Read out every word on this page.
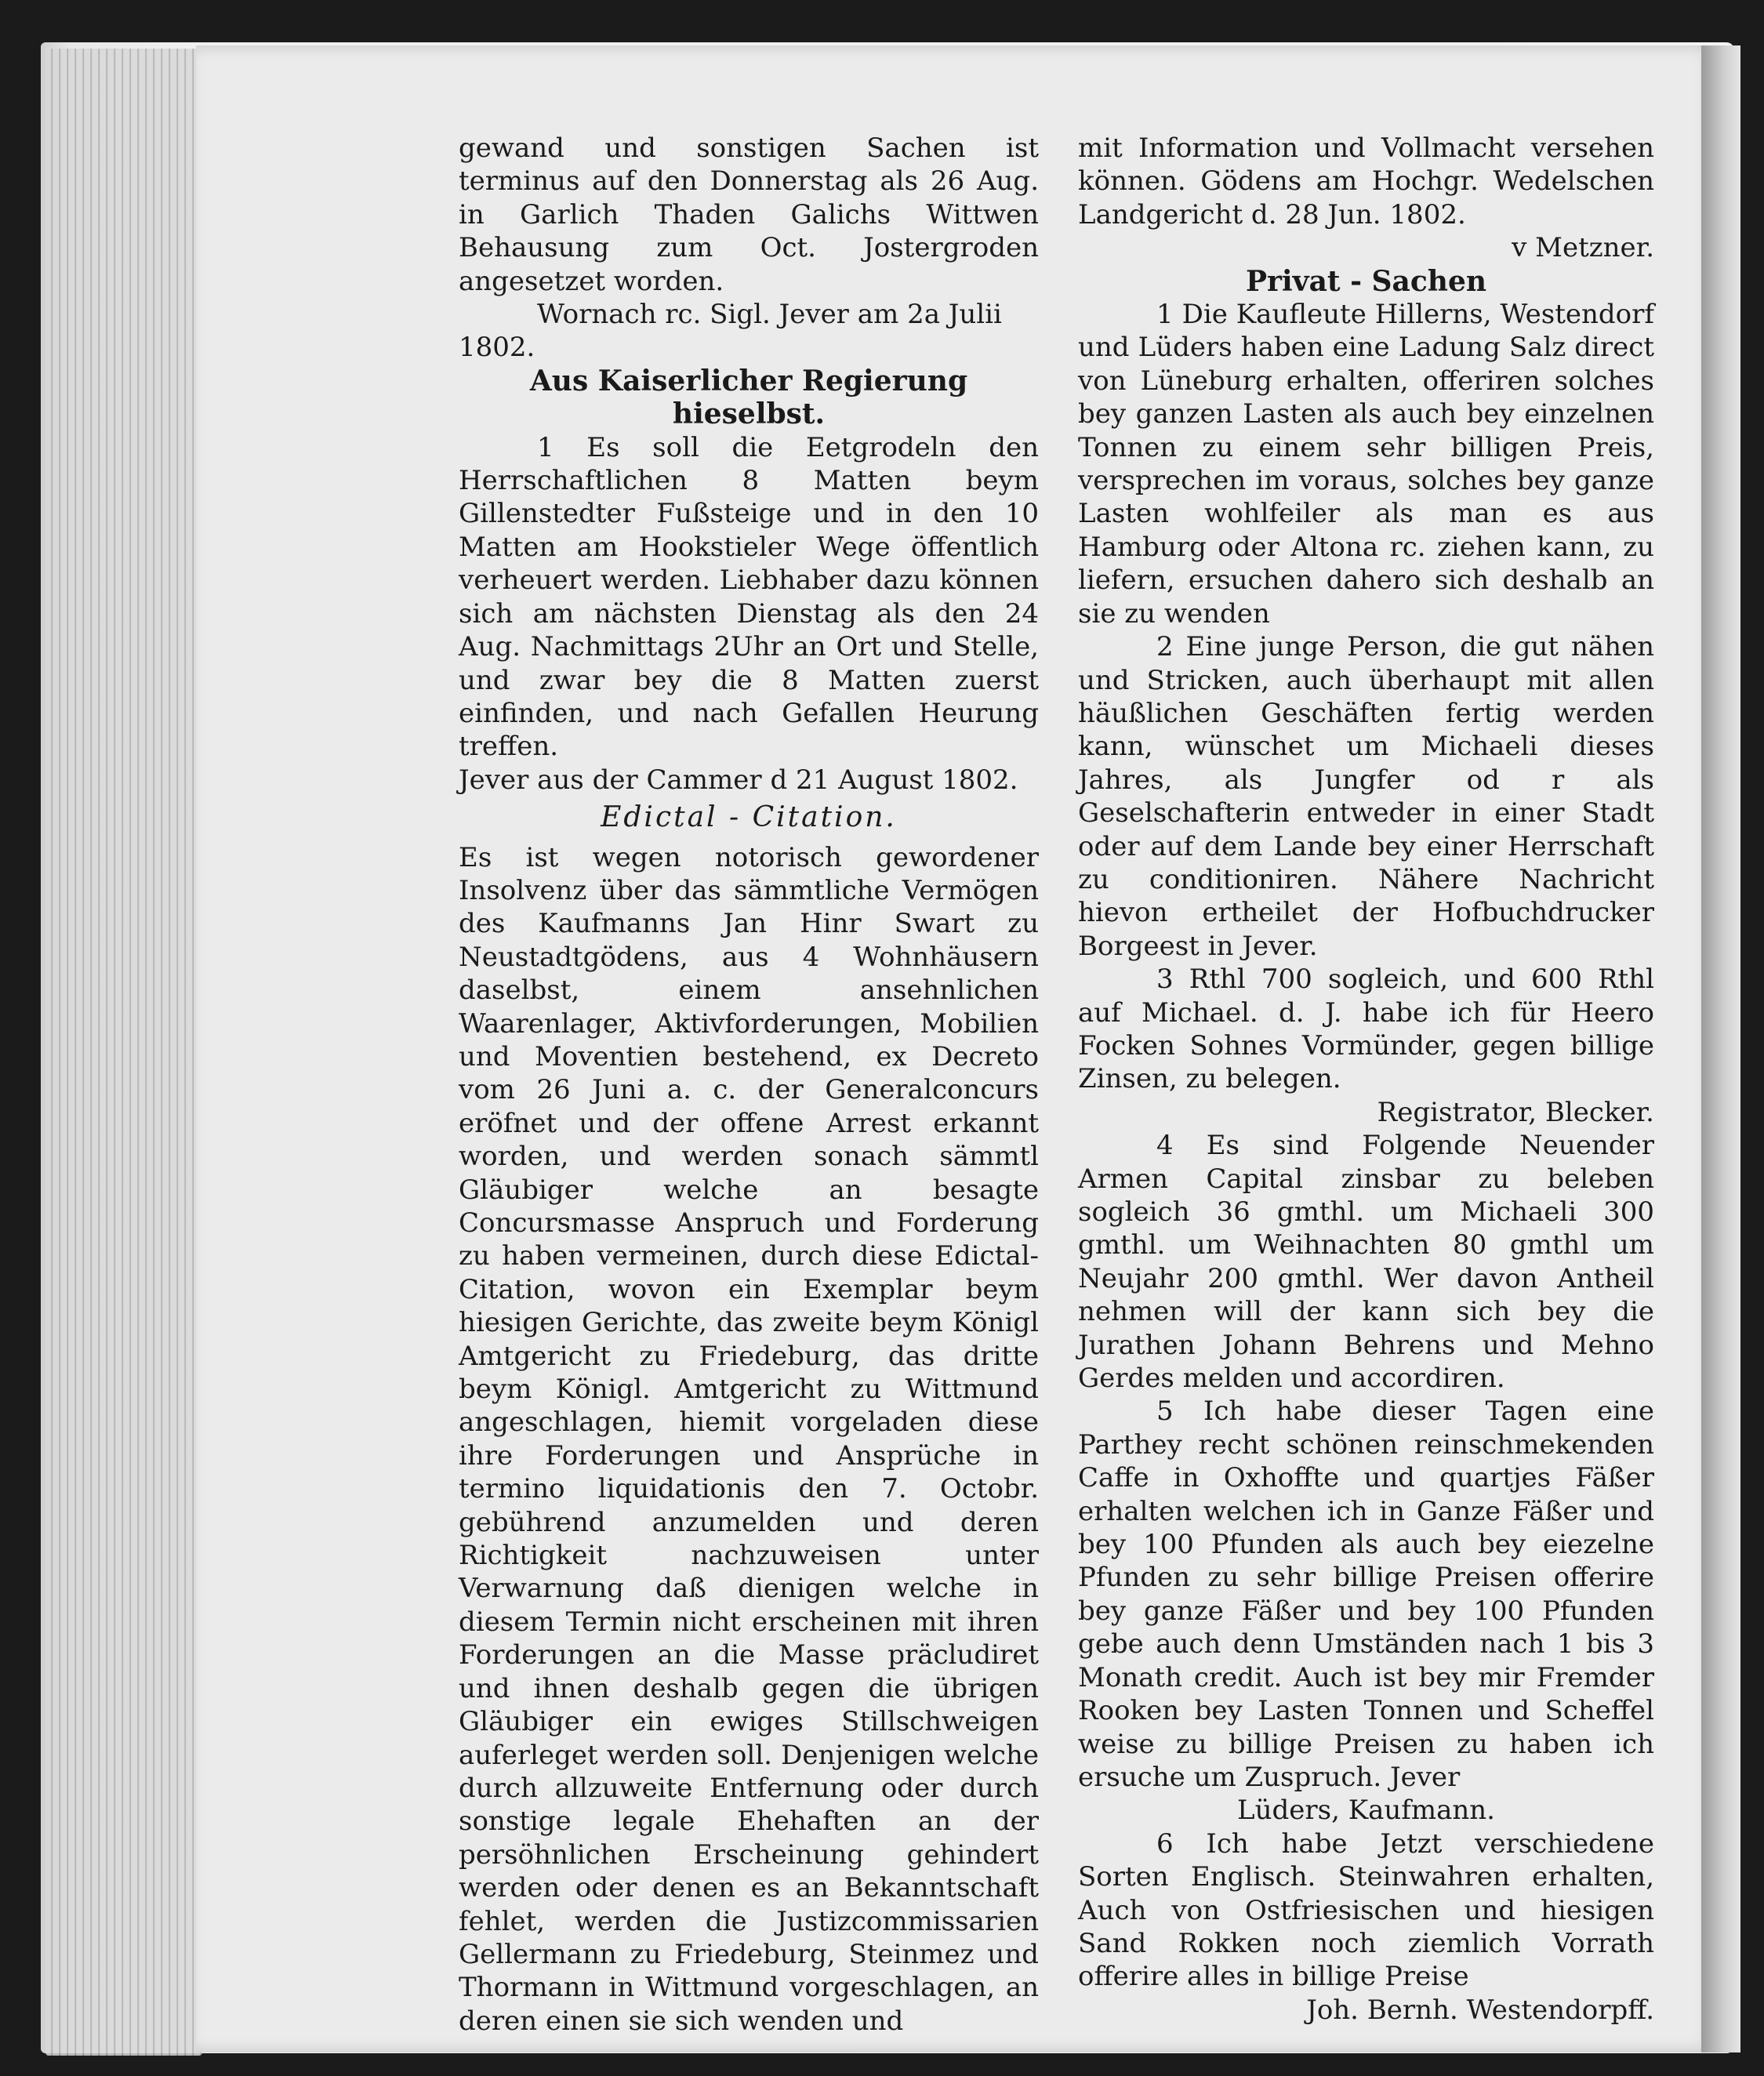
gewand und sonstigen Sachen ist terminus auf den Donnerstag als 26 Aug. in Garlich Thaden Galichs Wittwen Behausung zum Oct. Jostergroden angesetzet worden.

Wornach rc. Sigl. Jever am 2a Julii

1802.

Aus Kaiserlicher Regierung hieselbst.

1 Es soll die Eetgrodeln den Herrschaftlichen 8 Matten beym Gillenstedter Fußsteige und in den 10 Matten am Hookstieler Wege öffentlich verheuert werden. Liebhaber dazu können sich am nächsten Dienstag als den 24 Aug. Nachmittags 2Uhr an Ort und Stelle, und zwar bey die 8 Matten zuerst einfinden, und nach Gefallen Heurung treffen.

Jever aus der Cammer d 21 August 1802.

Edictal - Citation.

Es ist wegen notorisch gewordener Insolvenz über das sämmtliche Vermögen des Kaufmanns Jan Hinr Swart zu Neustadtgödens, aus 4 Wohnhäusern daselbst, einem ansehnlichen Waarenlager, Aktivforderungen, Mobilien und Moventien bestehend, ex Decreto vom 26 Juni a. c. der Generalconcurs eröfnet und der offene Arrest erkannt worden, und werden sonach sämmtl Gläubiger welche an besagte Concursmasse Anspruch und Forderung zu haben vermeinen, durch diese Edictal-Citation, wovon ein Exemplar beym hiesigen Gerichte, das zweite beym Königl Amtgericht zu Friedeburg, das dritte beym Königl. Amtgericht zu Wittmund angeschlagen, hiemit vorgeladen diese ihre Forderungen und Ansprüche in termino liquidationis den 7. Octobr. gebührend anzumelden und deren Richtigkeit nachzuweisen unter Verwarnung daß dienigen welche in diesem Termin nicht erscheinen mit ihren Forderungen an die Masse präcludiret und ihnen deshalb gegen die übrigen Gläubiger ein ewiges Stillschweigen auferleget werden soll. Denjenigen welche durch allzuweite Entfernung oder durch sonstige legale Ehehaften an der persöhnlichen Erscheinung gehindert werden oder denen es an Bekanntschaft fehlet, werden die Justizcommissarien Gellermann zu Friedeburg, Steinmez und Thormann in Wittmund vorgeschlagen, an deren einen sie sich wenden und

mit Information und Vollmacht versehen können. Gödens am Hochgr. Wedelschen Landgericht d. 28 Jun. 1802.

v Metzner.

Privat - Sachen

1 Die Kaufleute Hillerns, Westendorf und Lüders haben eine Ladung Salz direct von Lüneburg erhalten, offeriren solches bey ganzen Lasten als auch bey einzelnen Tonnen zu einem sehr billigen Preis, versprechen im voraus, solches bey ganze Lasten wohlfeiler als man es aus Hamburg oder Altona rc. ziehen kann, zu liefern, ersuchen dahero sich deshalb an sie zu wenden

2 Eine junge Person, die gut nähen und Stricken, auch überhaupt mit allen häußlichen Geschäften fertig werden kann, wünschet um Michaeli dieses Jahres, als Jungfer od r als Geselschafterin entweder in einer Stadt oder auf dem Lande bey einer Herrschaft zu conditioniren. Nähere Nachricht hievon ertheilet der Hofbuchdrucker Borgeest in Jever.

3 Rthl 700 sogleich, und 600 Rthl auf Michael. d. J. habe ich für Heero Focken Sohnes Vormünder, gegen billige Zinsen, zu belegen.

Registrator, Blecker.

4 Es sind Folgende Neuender Armen Capital zinsbar zu beleben sogleich 36 gmthl. um Michaeli 300 gmthl. um Weihnachten 80 gmthl um Neujahr 200 gmthl. Wer davon Antheil nehmen will der kann sich bey die Jurathen Johann Behrens und Mehno Gerdes melden und accordiren.

5 Ich habe dieser Tagen eine Parthey recht schönen reinschmekenden Caffe in Oxhoffte und quartjes Fäßer erhalten welchen ich in Ganze Fäßer und bey 100 Pfunden als auch bey eiezelne Pfunden zu sehr billige Preisen offerire bey ganze Fäßer und bey 100 Pfunden gebe auch denn Umständen nach 1 bis 3 Monath credit. Auch ist bey mir Fremder Rooken bey Lasten Tonnen und Scheffel weise zu billige Preisen zu haben ich ersuche um Zuspruch. Jever

Lüders, Kaufmann.

6 Ich habe Jetzt verschiedene Sorten Englisch. Steinwahren erhalten, Auch von Ostfriesischen und hiesigen Sand Rokken noch ziemlich Vorrath offerire alles in billige Preise

Joh. Bernh. Westendorpff.
